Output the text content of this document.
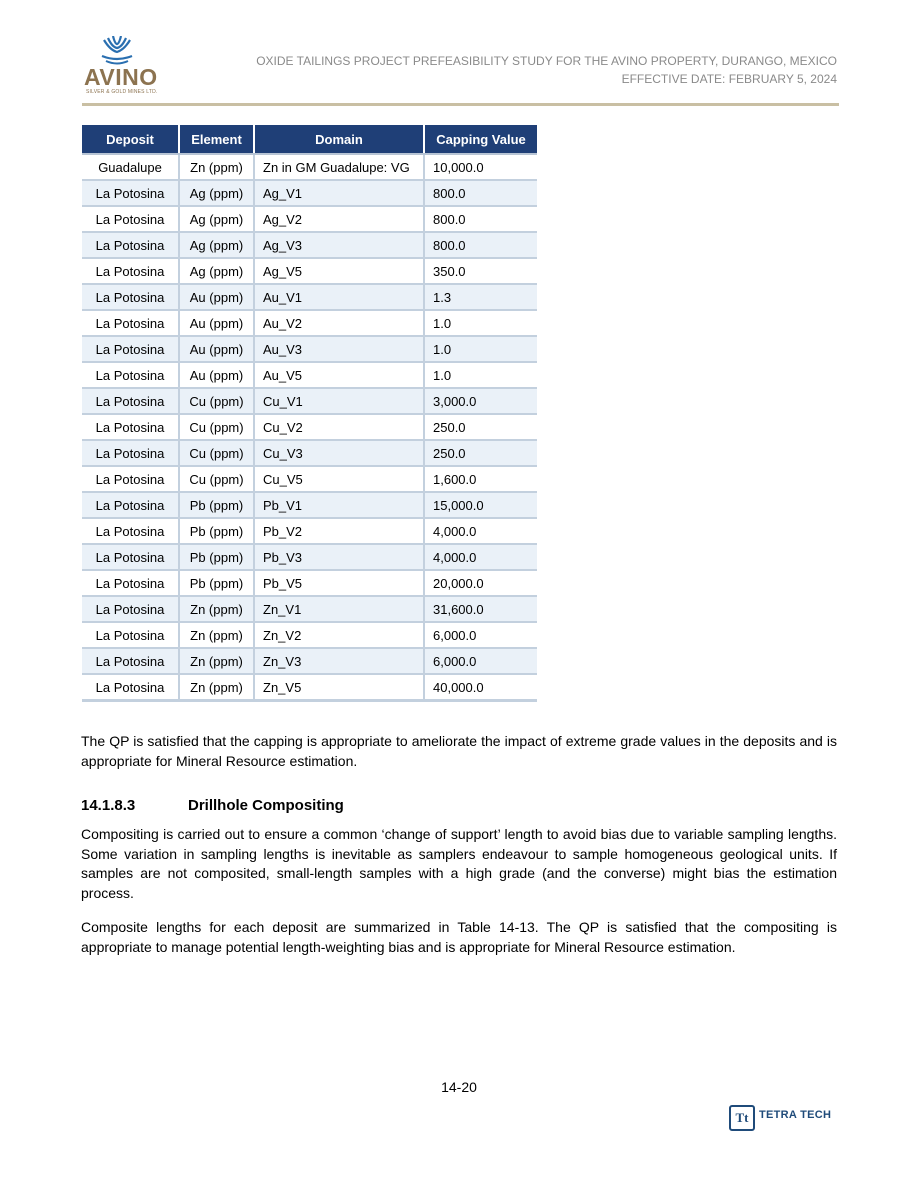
AVINO
SILVER & GOLD MINES LTD.
OXIDE TAILINGS PROJECT PREFEASIBILITY STUDY FOR THE AVINO PROPERTY, DURANGO, MEXICO
EFFECTIVE DATE: FEBRUARY 5, 2024
Deposit	Element	Domain	Capping Value
Guadalupe	Zn (ppm)	Zn in GM Guadalupe: VG	10,000.0
La Potosina	Ag (ppm)	Ag_V1	800.0
La Potosina	Ag (ppm)	Ag_V2	800.0
La Potosina	Ag (ppm)	Ag_V3	800.0
La Potosina	Ag (ppm)	Ag_V5	350.0
La Potosina	Au (ppm)	Au_V1	1.3
La Potosina	Au (ppm)	Au_V2	1.0
La Potosina	Au (ppm)	Au_V3	1.0
La Potosina	Au (ppm)	Au_V5	1.0
La Potosina	Cu (ppm)	Cu_V1	3,000.0
La Potosina	Cu (ppm)	Cu_V2	250.0
La Potosina	Cu (ppm)	Cu_V3	250.0
La Potosina	Cu (ppm)	Cu_V5	1,600.0
La Potosina	Pb (ppm)	Pb_V1	15,000.0
La Potosina	Pb (ppm)	Pb_V2	4,000.0
La Potosina	Pb (ppm)	Pb_V3	4,000.0
La Potosina	Pb (ppm)	Pb_V5	20,000.0
La Potosina	Zn (ppm)	Zn_V1	31,600.0
La Potosina	Zn (ppm)	Zn_V2	6,000.0
La Potosina	Zn (ppm)	Zn_V3	6,000.0
La Potosina	Zn (ppm)	Zn_V5	40,000.0
The QP is satisfied that the capping is appropriate to ameliorate the impact of extreme grade values in the deposits and is appropriate for Mineral Resource estimation.
14.1.8.3	Drillhole Compositing
Compositing is carried out to ensure a common ‘change of support’ length to avoid bias due to variable sampling lengths. Some variation in sampling lengths is inevitable as samplers endeavour to sample homogeneous geological units. If samples are not composited, small-length samples with a high grade (and the converse) might bias the estimation process.
Composite lengths for each deposit are summarized in Table 14-13. The QP is satisfied that the compositing is appropriate to manage potential length-weighting bias and is appropriate for Mineral Resource estimation.
14-20
Tt TETRA TECH
